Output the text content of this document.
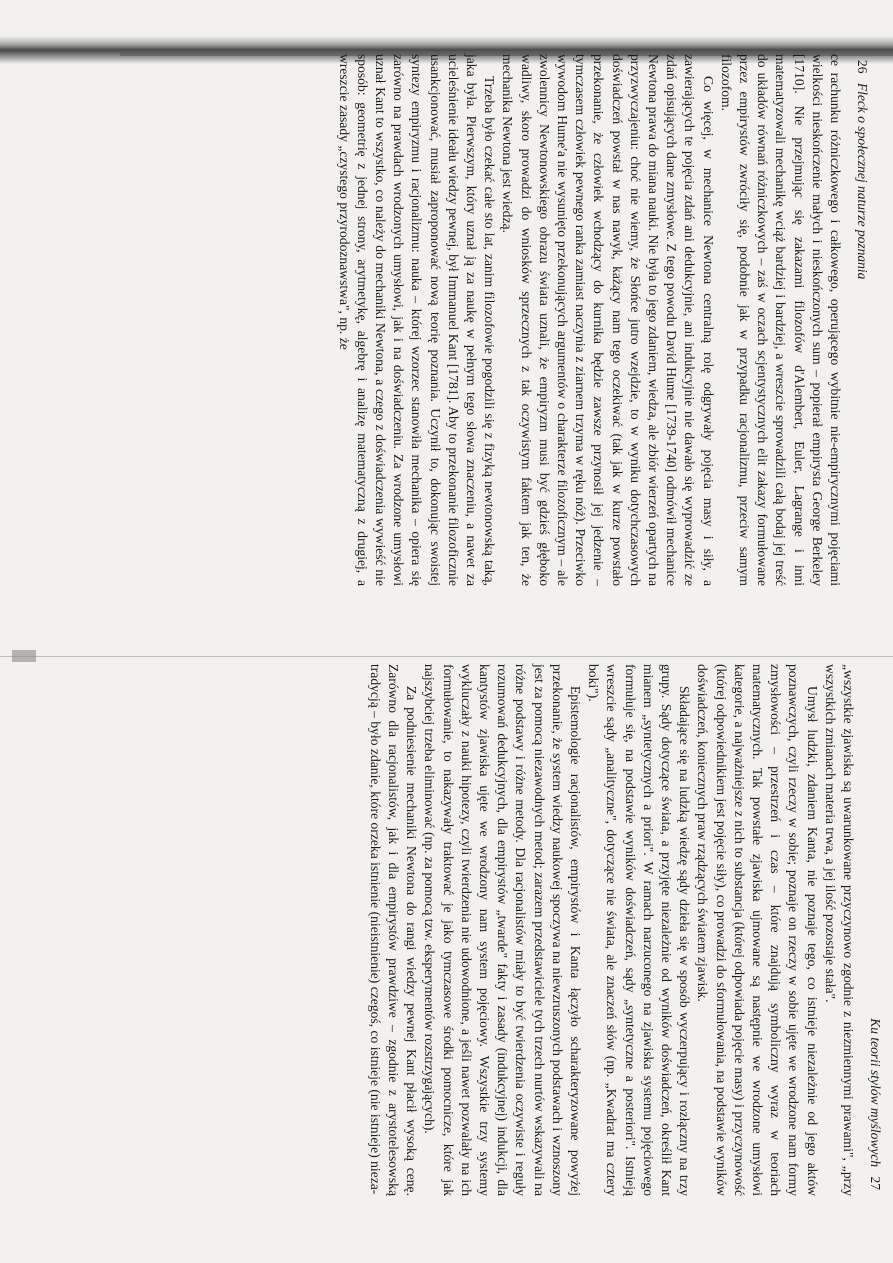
26 Fleck o społecznej naturze poznania

ce rachunku różniczkowego i całkowego, operującego wybitnie nie-empirycznymi pojęciami wielkości nieskończenie małych i nieskończonych sum – popierał empirysta George Berkeley [1710]. Nie przejmując się zakazami filozofów d'Alembert, Euler, Lagrange i inni matematyzowali mechanikę wciąż bardziej i bardziej, a wreszcie sprowadzili całą bodaj jej treść do układów równań różniczkowych – zaś w oczach scjentystycznych elit zakazy formułowane przez empirystów zwróciły się, podobnie jak w przypadku racjonalizmu, przeciw samym filozofom.

Co więcej, w mechanice Newtona centralną rolę odgrywały pojęcia masy i siły, a zawierających te pojęcia zdań ani dedukcyjnie, ani indukcyjnie nie dawało się wyprowadzić ze zdań opisujących dane zmysłowe. Z tego powodu David Hume [1739-1740] odmówił mechanice Newtona prawa do miana nauki. Nie była to jego zdaniem, wiedza, ale zbiór wierzeń opartych na przyzwyczajeniu: choć nie wiemy, że Słońce jutro wzejdzie, to w wyniku dotychczasowych doświadczeń powstał w nas nawyk, każący nam tego oczekiwać (tak jak w kurze powstało przekonanie, że człowiek wchodzący do kurnika będzie zawsze przynosił jej jedzenie – tymczasem człowiek pewnego ranka zamiast naczynia z ziarnem trzyma w ręku nóż). Przeciwko wywodom Hume'a nie wysunięto przekonujących argumentów o charakterze filozoficznym – ale zwolennicy Newtonowskiego obrazu świata uznali, że empiryzm musi być gdzieś głęboko wadliwy, skoro prowadzi do wniosków sprzecznych z tak oczywistym faktem jak ten, że mechanika Newtona jest wiedzą.

Trzeba było czekać całe sto lat, zanim filozofowie pogodzili się z fizyką newtonowską taką, jaka była. Pierwszym, który uznał ją za naukę w pełnym tego słowa znaczeniu, a nawet za ucieleśnienie ideału wiedzy pewnej, był Immanuel Kant [1781]. Aby to przekonanie filozoficznie usankcjonować, musiał zaproponować nową teorię poznania. Uczynił to, dokonując swoistej syntezy empiryzmu i racjonalizmu: nauka – której wzorzec stanowiła mechanika – opiera się zarówno na prawdach wrodzonych umysłowi, jak i na doświadczeniu. Za wrodzone umysłowi uznał Kant to wszystko, co należy do mechaniki Newtona, a czego z doświadczenia wywieść nie sposób: geometrię z jednej strony, arytmetykę, algebrę i analizę matematyczną z drugiej, a wreszcie zasady „czystego przyrodoznawstwa", np. że

Ku teorii stylów myślowych 27

„wszystkie zjawiska są uwarunkowane przyczynowo zgodnie z niezmiennymi prawami", „przy wszystkich zmianach materia trwa, a jej ilość pozostaje stała".

Umysł ludzki, zdaniem Kanta, nie poznaje tego, co istnieje niezależnie od jego aktów poznawczych, czyli rzeczy w sobie; poznaje on rzeczy w sobie ujęte we wrodzone nam formy zmysłowości – przestrzeń i czas – które znajdują symboliczny wyraz w teoriach matematycznych. Tak powstałe zjawiska ujmowane są następnie we wrodzone umysłowi kategorie, a najważniejsze z nich to substancja (której odpowiada pojęcie masy) i przyczynowość (której odpowiednikiem jest pojęcie siły), co prowadzi do sformułowania, na podstawie wyników doświadczeń, koniecznych praw rządzących światem zjawisk.

Składające się na ludzką wiedzę sądy dzieła się w sposób wyczerpujący i rozłączny na trzy grupy. Sądy dotyczące świata, a przyjęte niezależnie od wyników doświadczeń, określił Kant mianem „syntetycznych a priori". W ramach narzuconego na zjawiska systemu pojęciowego formułuje się, na podstawie wyników doświadczeń, sądy „syntetyczne a posteriori". Istnieją wreszcie sądy „analityczne", dotyczące nie świata, ale znaczeń słów (np. „Kwadrat ma cztery boki").

Epistemologie racjonalistów, empirystów i Kanta łączyło scharakteryzowane powyżej przekonanie, że system wiedzy naukowej spoczywa na niewzruszonych podstawach i wznoszony jest za pomocą niezawodnych metod; zarazem przedstawiciele tych trzech nurtów wskazywali na różne podstawy i różne metody. Dla racjonalistów miały to być twierdzenia oczywiste i reguły rozumowań dedukcyjnych, dla empirystów „twarde" fakty i zasady (indukcyjnej) indukcji, dla kantystów zjawiska ujęte we wrodzony nam system pojęciowy. Wszystkie trzy systemy wykluczały z nauki hipotezy, czyli twierdzenia nie udowodnione, a jeśli nawet pozwalały na ich formułowanie, to nakazywały traktować je jako tymczasowe środki pomocnicze, które jak najszybciej trzeba eliminować (np. za pomocą tzw. eksperymentów rozstrzygających).

Za podniesienie mechaniki Newtona do rangi wiedzy pewnej Kant płacił wysoką cenę. Zarówno dla racjonalistów, jak i dla empirystów prawdziwe – zgodnie z arystotelesowską tradycją – było zdanie, które orzeka istnienie (nieistnienie) czegoś, co istnieje (nie istnieje) nieza-
